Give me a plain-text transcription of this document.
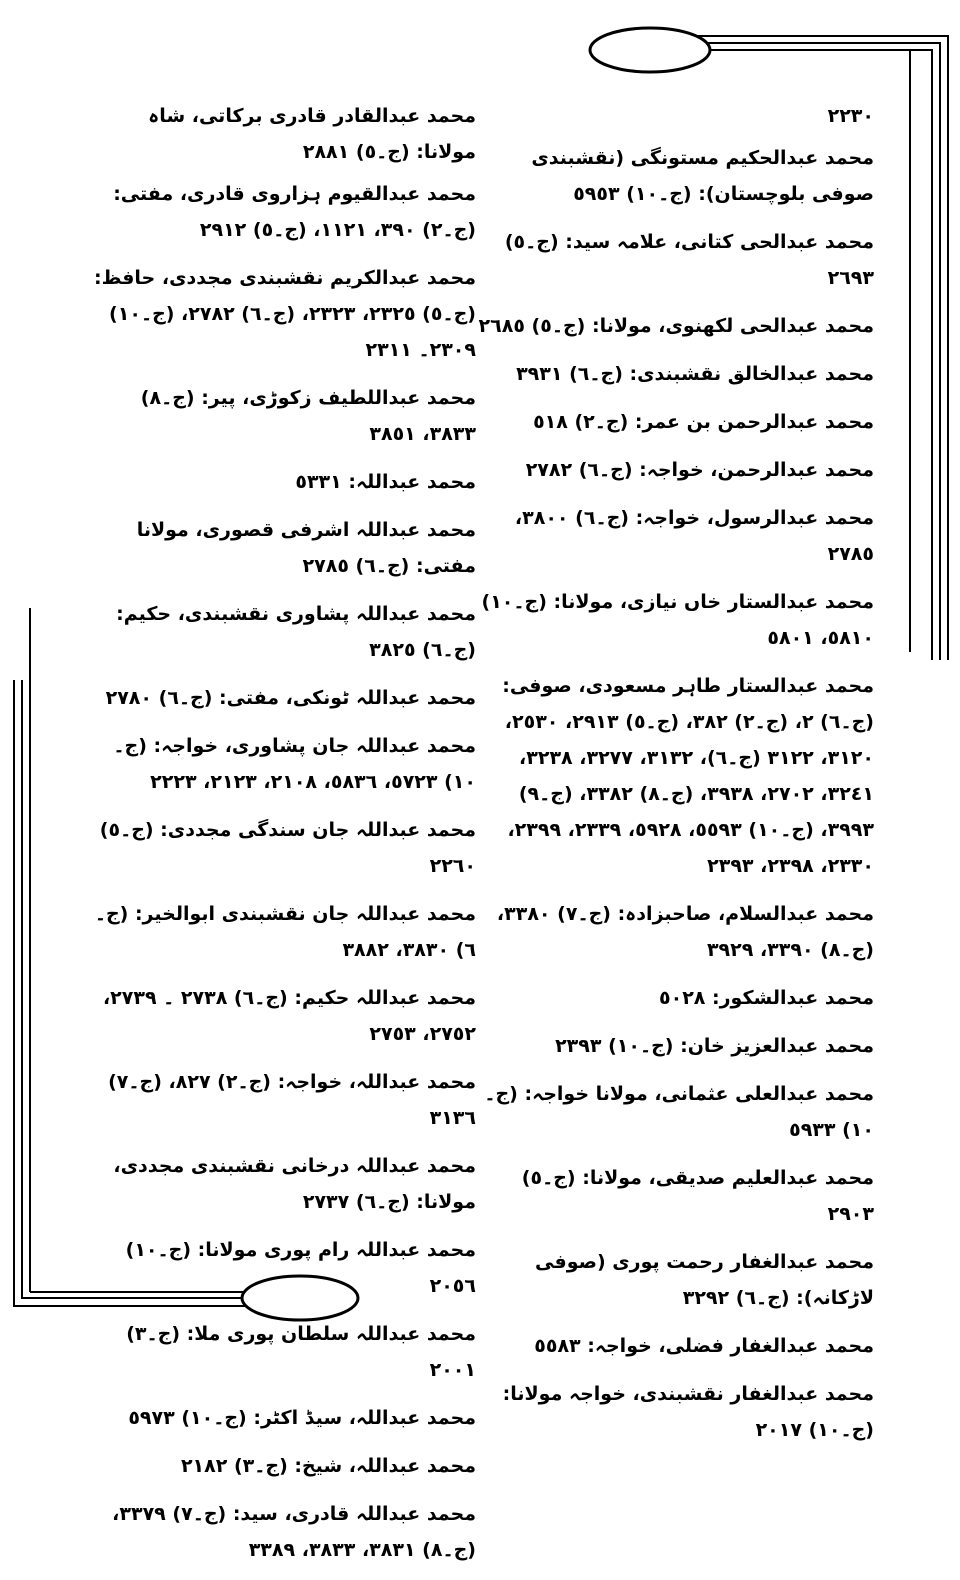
٢٢٣٠
محمد عبدالحکیم مستونگی (نقشبندی صوفی بلوچستان): (ج۔١٠) ٥٩٥٣
محمد عبدالحی کتانی، علامہ سید: (ج۔٥) ٢٦٩٣
محمد عبدالحی لکھنوی، مولانا: (ج۔٥) ٢٦٨٥
محمد عبدالخالق نقشبندی: (ج۔٦) ٣٩٣١
محمد عبدالرحمن بن عمر: (ج۔٢) ٥١٨
محمد عبدالرحمن، خواجہ: (ج۔٦) ٢٧٨٢
محمد عبدالرسول، خواجہ: (ج۔٦) ٣٨٠٠، ٢٧٨٥
محمد عبدالستار خاں نیازی، مولانا: (ج۔١٠) ٥٨١٠، ٥٨٠١
محمد عبدالستار طاہر مسعودی، صوفی: (ج۔٦) ٢، (ج۔٢) ٣٨٢، (ج۔٥) ٢٩١٣، ٢٥٣٠، ٣١٢٠، ٣١٢٢ (ج۔٦)، ٣١٣٢، ٣٢٧٧، ٣٢٣٨، ٣٢٤١، ٢٧٠٢، ٣٩٣٨، (ج۔٨) ٣٣٨٢، (ج۔٩) ٣٩٩٣، (ج۔١٠) ٥٥٩٣، ٥٩٢٨، ٢٣٣٩، ٢٣٩٩، ٢٣٣٠، ٢٣٩٨، ٢٣٩٣
محمد عبدالسلام، صاحبزادہ: (ج۔٧) ٣٣٨٠، (ج۔٨) ٣٣٩٠، ٣٩٢٩
محمد عبدالشکور: ٥٠٢٨
محمد عبدالعزیز خان: (ج۔١٠) ٢٣٩٣
محمد عبدالعلی عثمانی، مولانا خواجہ: (ج۔١٠) ٥٩٣٣
محمد عبدالعلیم صدیقی، مولانا: (ج۔٥) ٢٩٠٣
محمد عبدالغفار رحمت پوری (صوفی لاڑکانہ): (ج۔٦) ٣٢٩٢
محمد عبدالغفار فضلی، خواجہ: ٥٥٨٣
محمد عبدالغفار نقشبندی، خواجہ مولانا: (ج۔١٠) ٢٠١٧
محمد عبدالقادر قادری برکاتی، شاہ مولانا: (ج۔٥) ٢٨٨١
محمد عبدالقیوم ہزاروی قادری، مفتی: (ج۔٢) ٣٩٠، ١١٢١، (ج۔٥) ٢٩١٢
محمد عبدالکریم نقشبندی مجددی، حافظ: (ج۔٥) ٢٣٢٥، ٢٣٢٣، (ج۔٦) ٢٧٨٢، (ج۔١٠) ٢٣٠٩۔ ٢٣١١
محمد عبداللطیف زکوڑی، پیر: (ج۔٨) ٣٨٣٣، ٣٨٥١
محمد عبداللہ: ٥٣٣١
محمد عبداللہ اشرفی قصوری، مولانا مفتی: (ج۔٦) ٢٧٨٥
محمد عبداللہ پشاوری نقشبندی، حکیم: (ج۔٦) ٣٨٢٥
محمد عبداللہ ٹونکی، مفتی: (ج۔٦) ٢٧٨٠
محمد عبداللہ جان پشاوری، خواجہ: (ج۔١٠) ٥٧٢٣، ٥٨٣٦، ٢١٠٨، ٢١٢٣، ٢٢٢٣
محمد عبداللہ جان سندگی مجددی: (ج۔٥) ٢٢٦٠
محمد عبداللہ جان نقشبندی ابوالخیر: (ج۔٦) ٣٨٣٠، ٣٨٨٢
محمد عبداللہ حکیم: (ج۔٦) ٢٧٣٨ ۔ ٢٧٣٩، ٢٧٥٢، ٢٧٥٣
محمد عبداللہ، خواجہ: (ج۔٢) ٨٢٧، (ج۔٧) ٣١٣٦
محمد عبداللہ درخانی نقشبندی مجددی، مولانا: (ج۔٦) ٢٧٣٧
محمد عبداللہ رام پوری مولانا: (ج۔١٠) ٢٠٥٦
محمد عبداللہ سلطان پوری ملا: (ج۔٣) ٢٠٠١
محمد عبداللہ، سیڈ اکٹر: (ج۔١٠) ٥٩٧٣
محمد عبداللہ، شیخ: (ج۔٣) ٢١٨٢
محمد عبداللہ قادری، سید: (ج۔٧) ٣٣٧٩، (ج۔٨) ٣٨٣١، ٣٨٣٣، ٣٣٨٩
